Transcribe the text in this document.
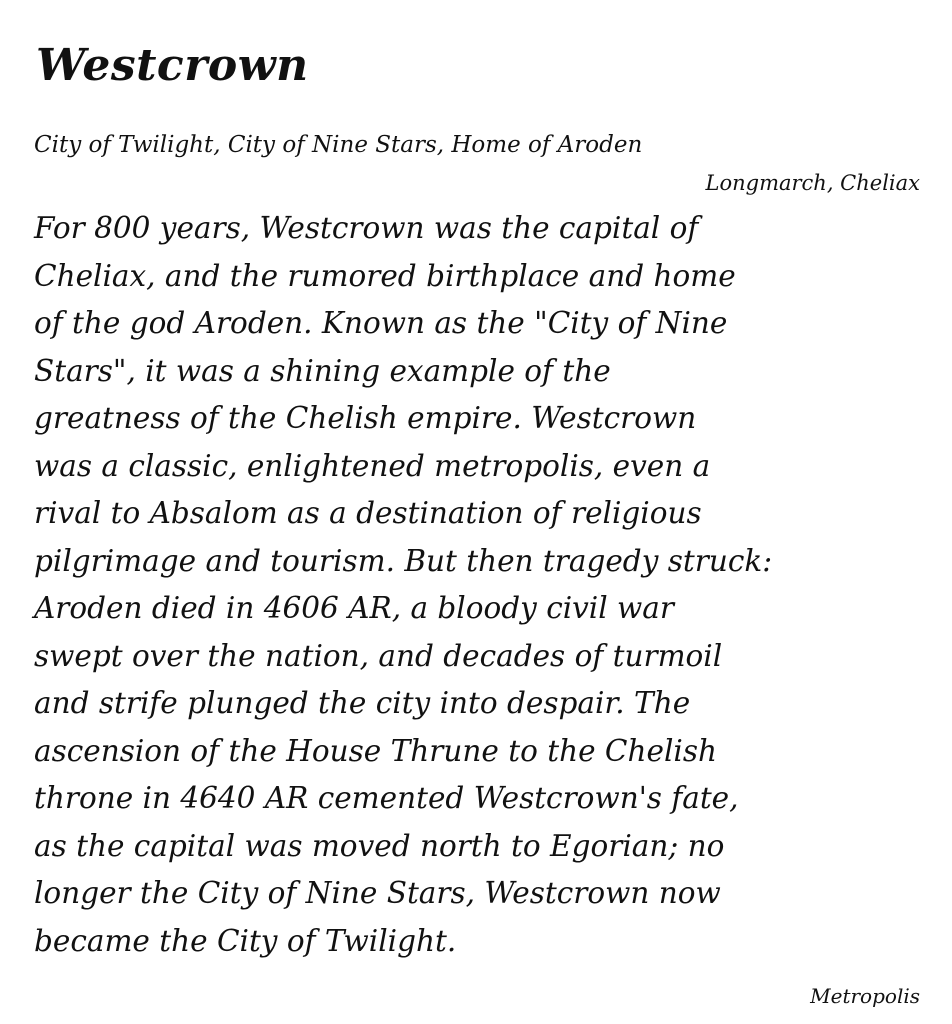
Westcrown
City of Twilight, City of Nine Stars, Home of Aroden
Longmarch, Cheliax
For 800 years, Westcrown was the capital of
Cheliax, and the rumored birthplace and home
of the god Aroden. Known as the "City of Nine
Stars", it was a shining example of the
greatness of the Chelish empire. Westcrown
was a classic, enlightened metropolis, even a
rival to Absalom as a destination of religious
pilgrimage and tourism. But then tragedy struck:
Aroden died in 4606 AR, a bloody civil war
swept over the nation, and decades of turmoil
and strife plunged the city into despair. The
ascension of the House Thrune to the Chelish
throne in 4640 AR cemented Westcrown's fate,
as the capital was moved north to Egorian; no
longer the City of Nine Stars, Westcrown now
became the City of Twilight.
Metropolis
